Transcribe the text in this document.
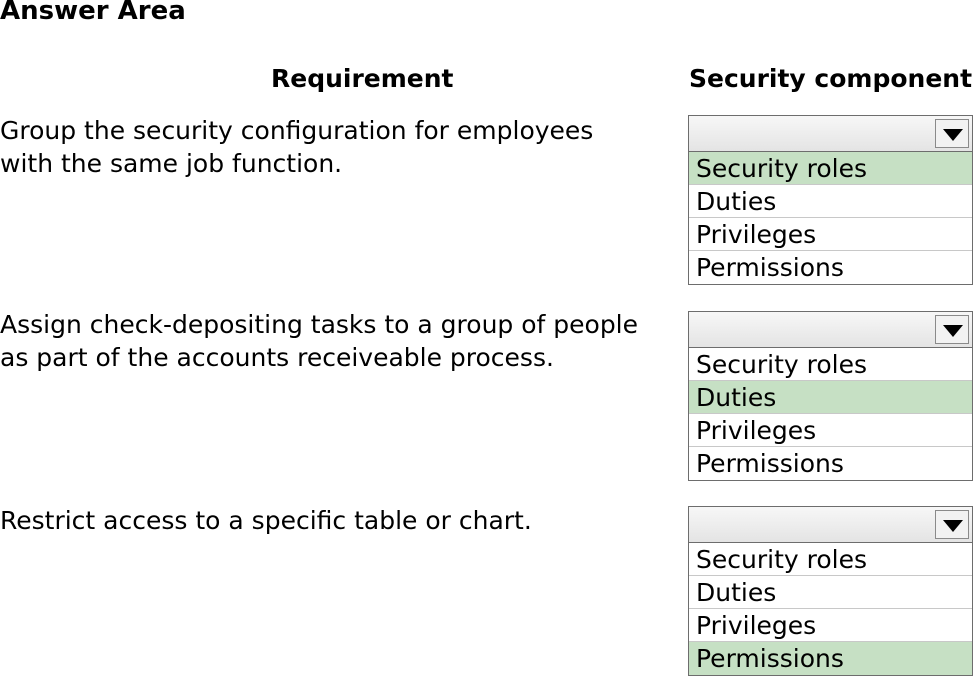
Answer Area
Requirement	Security component
Group the security configuration for employees
with the same job function.	Security roles
Duties
Privileges
Permissions
Assign check-depositing tasks to a group of people
as part of the accounts receiveable process.	Security roles
Duties
Privileges
Permissions
Restrict access to a specific table or chart.
Security roles
Duties
Privileges
Permissions
